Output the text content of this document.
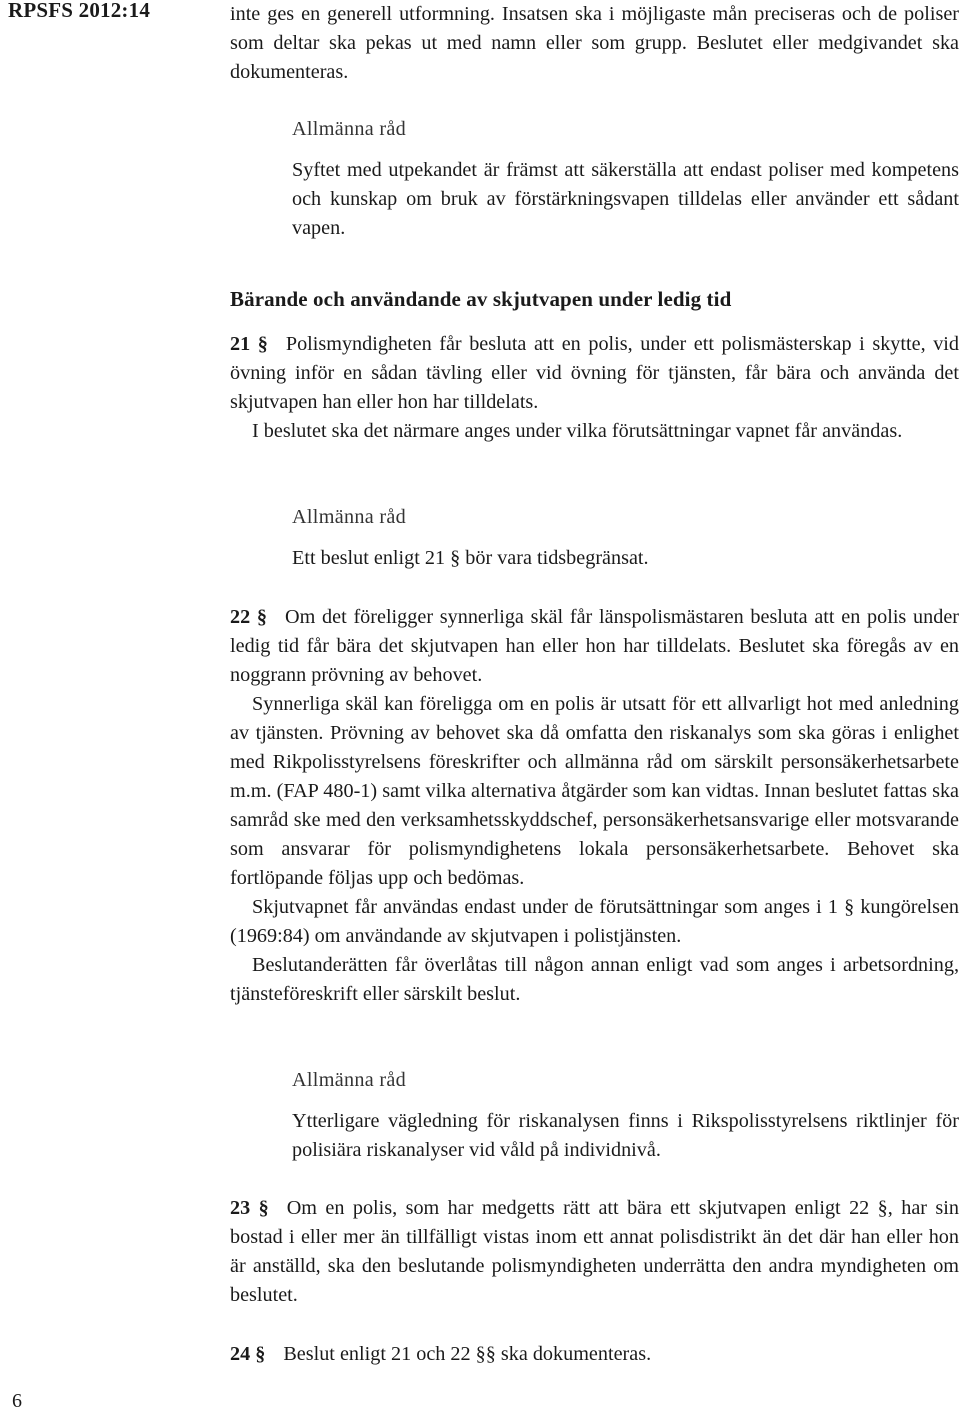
RPSFS 2012:14
6

inte ges en generell utformning. Insatsen ska i möjligaste mån preciseras och de poliser som deltar ska pekas ut med namn eller som grupp. Beslutet eller medgivandet ska dokumenteras.

Allmänna råd

Syftet med utpekandet är främst att säkerställa att endast poliser med kompetens och kunskap om bruk av förstärkningsvapen tilldelas eller använder ett sådant vapen.

Bärande och användande av skjutvapen under ledig tid

21 § Polismyndigheten får besluta att en polis, under ett polismästerskap i skytte, vid övning inför en sådan tävling eller vid övning för tjänsten, får bära och använda det skjutvapen han eller hon har tilldelats.

I beslutet ska det närmare anges under vilka förutsättningar vapnet får användas.

Allmänna råd

Ett beslut enligt 21 § bör vara tidsbegränsat.

22 § Om det föreligger synnerliga skäl får länspolismästaren besluta att en polis under ledig tid får bära det skjutvapen han eller hon har tilldelats. Beslutet ska föregås av en noggrann prövning av behovet.

Synnerliga skäl kan föreligga om en polis är utsatt för ett allvarligt hot med anledning av tjänsten. Prövning av behovet ska då omfatta den riskanalys som ska göras i enlighet med Rikpolisstyrelsens föreskrifter och allmänna råd om särskilt personsäkerhetsarbete m.m. (FAP 480-1) samt vilka alternativa åtgärder som kan vidtas. Innan beslutet fattas ska samråd ske med den verksamhetsskyddschef, personsäkerhetsansvarige eller motsvarande som ansvarar för polismyndighetens lokala personsäkerhetsarbete. Behovet ska fortlöpande följas upp och bedömas.

Skjutvapnet får användas endast under de förutsättningar som anges i 1 § kungörelsen (1969:84) om användande av skjutvapen i polistjänsten.

Beslutanderätten får överlåtas till någon annan enligt vad som anges i arbetsordning, tjänsteföreskrift eller särskilt beslut.

Allmänna råd

Ytterligare vägledning för riskanalysen finns i Rikspolisstyrelsens riktlinjer för polisiära riskanalyser vid våld på individnivå.

23 § Om en polis, som har medgetts rätt att bära ett skjutvapen enligt 22 §, har sin bostad i eller mer än tillfälligt vistas inom ett annat polisdistrikt än det där han eller hon är anställd, ska den beslutande polismyndigheten underrätta den andra myndigheten om beslutet.

24 § Beslut enligt 21 och 22 §§ ska dokumenteras.
